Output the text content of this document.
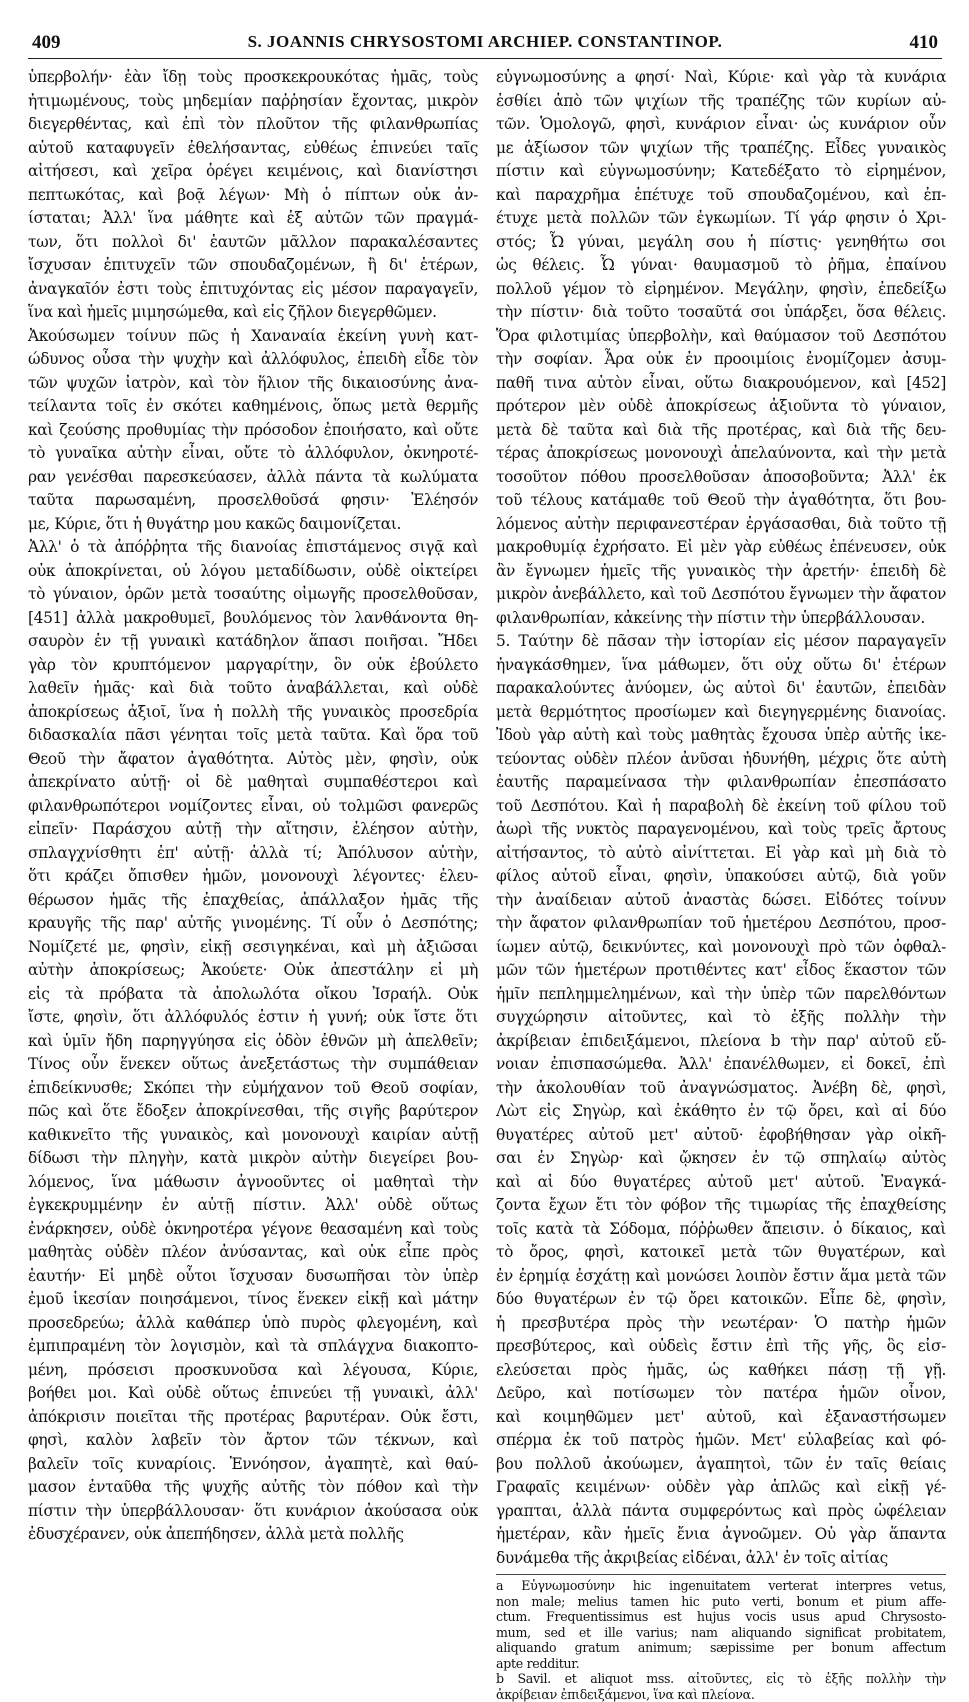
409	S. JOANNIS CHRYSOSTOMI ARCHIEP. CONSTANTINOP.	410
ὑπερβολήν· ἐὰν ἴδῃ τοὺς προσκεκρουκότας ἡμᾶς, τοὺς
ἠτιμωμένους, τοὺς μηδεμίαν παῤῥησίαν ἔχοντας, μικρὸν
διεγερθέντας, καὶ ἐπὶ τὸν πλοῦτον τῆς φιλανθρωπίας
αὐτοῦ καταφυγεῖν ἐθελήσαντας, εὐθέως ἐπινεύει ταῖς
αἰτήσεσι, καὶ χεῖρα ὀρέγει κειμένοις, καὶ διανίστησι
πεπτωκότας, καὶ βοᾷ λέγων· Μὴ ὁ πίπτων οὐκ ἀν-
ίσταται; Ἀλλ' ἵνα μάθητε καὶ ἐξ αὐτῶν τῶν πραγμά-
των, ὅτι πολλοὶ δι' ἑαυτῶν μᾶλλον παρακαλέσαντες
ἴσχυσαν ἐπιτυχεῖν τῶν σπουδαζομένων, ἢ δι' ἑτέρων,
ἀναγκαῖόν ἐστι τοὺς ἐπιτυχόντας εἰς μέσον παραγαγεῖν,
ἵνα καὶ ἡμεῖς μιμησώμεθα, καὶ εἰς ζῆλον διεγερθῶμεν.
Ἀκούσωμεν τοίνυν πῶς ἡ Χαναναία ἐκείνη γυνὴ κατ-
ώδυνος οὖσα τὴν ψυχὴν καὶ ἀλλόφυλος, ἐπειδὴ εἶδε τὸν
τῶν ψυχῶν ἰατρὸν, καὶ τὸν ἥλιον τῆς δικαιοσύνης ἀνα-
τείλαντα τοῖς ἐν σκότει καθημένοις, ὅπως μετὰ θερμῆς
καὶ ζεούσης προθυμίας τὴν πρόσοδον ἐποιήσατο, καὶ οὔτε
τὸ γυναῖκα αὐτὴν εἶναι, οὔτε τὸ ἀλλόφυλον, ὀκνηροτέ-
ραν γενέσθαι παρεσκεύασεν, ἀλλὰ πάντα τὰ κωλύματα
ταῦτα παρωσαμένη, προσελθοῦσά φησιν· Ἐλέησόν
με, Κύριε, ὅτι ἡ θυγάτηρ μου κακῶς δαιμονίζεται.
Ἀλλ' ὁ τὰ ἀπόῤῥητα τῆς διανοίας ἐπιστάμενος σιγᾷ καὶ
οὐκ ἀποκρίνεται, οὐ λόγου μεταδίδωσιν, οὐδὲ οἰκτείρει
τὸ γύναιον, ὁρῶν μετὰ τοσαύτης οἰμωγῆς προσελθοῦσαν,
[451] ἀλλὰ μακροθυμεῖ, βουλόμενος τὸν λανθάνοντα θη-
σαυρὸν ἐν τῇ γυναικὶ κατάδηλον ἅπασι ποιῆσαι. Ἤδει
γὰρ τὸν κρυπτόμενον μαργαρίτην, ὃν οὐκ ἐβούλετο
λαθεῖν ἡμᾶς· καὶ διὰ τοῦτο ἀναβάλλεται, καὶ οὐδὲ
ἀποκρίσεως ἀξιοῖ, ἵνα ἡ πολλὴ τῆς γυναικὸς προσεδρία
διδασκαλία πᾶσι γένηται τοῖς μετὰ ταῦτα. Καὶ ὅρα τοῦ
Θεοῦ τὴν ἄφατον ἀγαθότητα. Αὐτὸς μὲν, φησὶν, οὐκ
ἀπεκρίνατο αὐτῇ· οἱ δὲ μαθηταὶ συμπαθέστεροι καὶ
φιλανθρωπότεροι νομίζοντες εἶναι, οὐ τολμῶσι φανερῶς
εἰπεῖν· Παράσχου αὐτῇ τὴν αἴτησιν, ἐλέησον αὐτὴν,
σπλαγχνίσθητι ἐπ' αὐτῇ· ἀλλὰ τί; Ἀπόλυσον αὐτὴν,
ὅτι κράζει ὄπισθεν ἡμῶν, μονονουχὶ λέγοντες· ἐλευ-
θέρωσον ἡμᾶς τῆς ἐπαχθείας, ἀπάλλαξον ἡμᾶς τῆς
κραυγῆς τῆς παρ' αὐτῆς γινομένης. Τί οὖν ὁ Δεσπότης;
Νομίζετέ με, φησὶν, εἰκῇ σεσιγηκέναι, καὶ μὴ ἀξιῶσαι
αὐτὴν ἀποκρίσεως; Ἀκούετε· Οὐκ ἀπεστάλην εἰ μὴ
εἰς τὰ πρόβατα τὰ ἀπολωλότα οἴκου Ἰσραήλ. Οὐκ
ἴστε, φησὶν, ὅτι ἀλλόφυλός ἐστιν ἡ γυνή; οὐκ ἴστε ὅτι
καὶ ὑμῖν ἤδη παρηγγύησα εἰς ὁδὸν ἐθνῶν μὴ ἀπελθεῖν;
Τίνος οὖν ἕνεκεν οὕτως ἀνεξετάστως τὴν συμπάθειαν
ἐπιδείκνυσθε; Σκόπει τὴν εὐμήχανον τοῦ Θεοῦ σοφίαν,
πῶς καὶ ὅτε ἔδοξεν ἀποκρίνεσθαι, τῆς σιγῆς βαρύτερον
καθικνεῖτο τῆς γυναικὸς, καὶ μονονουχὶ καιρίαν αὐτῇ
δίδωσι τὴν πληγὴν, κατὰ μικρὸν αὐτὴν διεγείρει βου-
λόμενος, ἵνα μάθωσιν ἀγνοοῦντες οἱ μαθηταὶ τὴν
ἐγκεκρυμμένην ἐν αὐτῇ πίστιν. Ἀλλ' οὐδὲ οὕτως
ἐνάρκησεν, οὐδὲ ὀκνηροτέρα γέγονε θεασαμένη καὶ τοὺς
μαθητὰς οὐδὲν πλέον ἀνύσαντας, καὶ οὐκ εἶπε πρὸς
ἑαυτήν· Εἰ μηδὲ οὗτοι ἴσχυσαν δυσωπῆσαι τὸν ὑπὲρ
ἐμοῦ ἱκεσίαν ποιησάμενοι, τίνος ἕνεκεν εἰκῇ καὶ μάτην
προσεδρεύω; ἀλλὰ καθάπερ ὑπὸ πυρὸς φλεγομένη, καὶ
ἐμπιπραμένη τὸν λογισμὸν, καὶ τὰ σπλάγχνα διακοπτο-
μένη, πρόσεισι προσκυνοῦσα καὶ λέγουσα, Κύριε,
βοήθει μοι. Καὶ οὐδὲ οὕτως ἐπινεύει τῇ γυναικὶ, ἀλλ'
ἀπόκρισιν ποιεῖται τῆς προτέρας βαρυτέραν. Οὐκ ἔστι,
φησὶ, καλὸν λαβεῖν τὸν ἄρτον τῶν τέκνων, καὶ
βαλεῖν τοῖς κυναρίοις. Ἐννόησον, ἀγαπητὲ, καὶ θαύ-
μασον ἐνταῦθα τῆς ψυχῆς αὐτῆς τὸν πόθον καὶ τὴν
πίστιν τὴν ὑπερβάλλουσαν· ὅτι κυνάριον ἀκούσασα οὐκ
ἐδυσχέρανεν, οὐκ ἀπεπήδησεν, ἀλλὰ μετὰ πολλῆς
εὐγνωμοσύνης a φησί· Ναὶ, Κύριε· καὶ γὰρ τὰ κυνάρια
ἐσθίει ἀπὸ τῶν ψιχίων τῆς τραπέζης τῶν κυρίων αὐ-
τῶν. Ὁμολογῶ, φησὶ, κυνάριον εἶναι· ὡς κυνάριον οὖν
με ἀξίωσον τῶν ψιχίων τῆς τραπέζης. Εἶδες γυναικὸς
πίστιν καὶ εὐγνωμοσύνην; Κατεδέξατο τὸ εἰρημένον,
καὶ παραχρῆμα ἐπέτυχε τοῦ σπουδαζομένου, καὶ ἐπ-
έτυχε μετὰ πολλῶν τῶν ἐγκωμίων. Τί γάρ φησιν ὁ Χρι-
στός; Ὦ γύναι, μεγάλη σου ἡ πίστις· γενηθήτω σοι
ὡς θέλεις. Ὦ γύναι· θαυμασμοῦ τὸ ῥῆμα, ἐπαίνου
πολλοῦ γέμον τὸ εἰρημένον. Μεγάλην, φησὶν, ἐπεδείξω
τὴν πίστιν· διὰ τοῦτο τοσαῦτά σοι ὑπάρξει, ὅσα θέλεις.
Ὅρα φιλοτιμίας ὑπερβολὴν, καὶ θαύμασον τοῦ Δεσπότου
τὴν σοφίαν. Ἆρα οὐκ ἐν προοιμίοις ἐνομίζομεν ἀσυμ-
παθῆ τινα αὐτὸν εἶναι, οὕτω διακρουόμενον, καὶ [452]
πρότερον μὲν οὐδὲ ἀποκρίσεως ἀξιοῦντα τὸ γύναιον,
μετὰ δὲ ταῦτα καὶ διὰ τῆς προτέρας, καὶ διὰ τῆς δευ-
τέρας ἀποκρίσεως μονονουχὶ ἀπελαύνοντα, καὶ τὴν μετὰ
τοσοῦτον πόθου προσελθοῦσαν ἀποσοβοῦντα; Ἀλλ' ἐκ
τοῦ τέλους κατάμαθε τοῦ Θεοῦ τὴν ἀγαθότητα, ὅτι βου-
λόμενος αὐτὴν περιφανεστέραν ἐργάσασθαι, διὰ τοῦτο τῇ
μακροθυμίᾳ ἐχρήσατο. Εἰ μὲν γὰρ εὐθέως ἐπένευσεν, οὐκ
ἂν ἔγνωμεν ἡμεῖς τῆς γυναικὸς τὴν ἀρετήν· ἐπειδὴ δὲ
μικρὸν ἀνεβάλλετο, καὶ τοῦ Δεσπότου ἔγνωμεν τὴν ἄφατον
φιλανθρωπίαν, κἀκείνης τὴν πίστιν τὴν ὑπερβάλλουσαν.
5. Ταύτην δὲ πᾶσαν τὴν ἱστορίαν εἰς μέσον παραγαγεῖν
ἠναγκάσθημεν, ἵνα μάθωμεν, ὅτι οὐχ οὕτω δι' ἑτέρων
παρακαλούντες ἀνύομεν, ὡς αὐτοὶ δι' ἑαυτῶν, ἐπειδὰν
μετὰ θερμότητος προσίωμεν καὶ διεγηγερμένης διανοίας.
Ἰδοὺ γὰρ αὐτὴ καὶ τοὺς μαθητὰς ἔχουσα ὑπὲρ αὐτῆς ἱκε-
τεύοντας οὐδὲν πλέον ἀνῦσαι ἠδυνήθη, μέχρις ὅτε αὐτὴ
ἑαυτῆς παραμείνασα τὴν φιλανθρωπίαν ἐπεσπάσατο
τοῦ Δεσπότου. Καὶ ἡ παραβολὴ δὲ ἐκείνη τοῦ φίλου τοῦ
ἀωρὶ τῆς νυκτὸς παραγενομένου, καὶ τοὺς τρεῖς ἄρτους
αἰτήσαντος, τὸ αὐτὸ αἰνίττεται. Εἰ γὰρ καὶ μὴ διὰ τὸ
φίλος αὐτοῦ εἶναι, φησὶν, ὑπακούσει αὐτῷ, διὰ γοῦν
τὴν ἀναίδειαν αὐτοῦ ἀναστὰς δώσει. Εἰδότες τοίνυν
τὴν ἄφατον φιλανθρωπίαν τοῦ ἡμετέρου Δεσπότου, προσ-
ίωμεν αὐτῷ, δεικνύντες, καὶ μονονουχὶ πρὸ τῶν ὀφθαλ-
μῶν τῶν ἡμετέρων προτιθέντες κατ' εἶδος ἕκαστον τῶν
ἡμῖν πεπλημμελημένων, καὶ τὴν ὑπὲρ τῶν παρελθόντων
συγχώρησιν αἰτοῦντες, καὶ τὸ ἐξῆς πολλὴν τὴν
ἀκρίβειαν ἐπιδειξάμενοι, πλείονα b τὴν παρ' αὐτοῦ εὔ-
νοιαν ἐπισπασώμεθα. Ἀλλ' ἐπανέλθωμεν, εἰ δοκεῖ, ἐπὶ
τὴν ἀκολουθίαν τοῦ ἀναγνώσματος. Ἀνέβη δὲ, φησὶ,
Λὼτ εἰς Σηγὼρ, καὶ ἐκάθητο ἐν τῷ ὄρει, καὶ αἱ δύο
θυγατέρες αὐτοῦ μετ' αὐτοῦ· ἐφοβήθησαν γὰρ οἰκῆ-
σαι ἐν Σηγὼρ· καὶ ᾤκησεν ἐν τῷ σπηλαίῳ αὐτὸς
καὶ αἱ δύο θυγατέρες αὐτοῦ μετ' αὐτοῦ. Ἐναγκά-
ζοντα ἔχων ἔτι τὸν φόβον τῆς τιμωρίας τῆς ἐπαχθείσης
τοῖς κατὰ τὰ Σόδομα, πόῤῥωθεν ἄπεισιν. ὁ δίκαιος, καὶ
τὸ ὄρος, φησὶ, κατοικεῖ μετὰ τῶν θυγατέρων, καὶ
ἐν ἐρημίᾳ ἐσχάτῃ καὶ μονώσει λοιπὸν ἔστιν ἅμα μετὰ τῶν
δύο θυγατέρων ἐν τῷ ὄρει κατοικῶν. Εἶπε δὲ, φησὶν,
ἡ πρεσβυτέρα πρὸς τὴν νεωτέραν· Ὁ πατὴρ ἡμῶν
πρεσβύτερος, καὶ οὐδεὶς ἔστιν ἐπὶ τῆς γῆς, ὃς εἰσ-
ελεύσεται πρὸς ἡμᾶς, ὡς καθήκει πάσῃ τῇ γῇ.
Δεῦρο, καὶ ποτίσωμεν τὸν πατέρα ἡμῶν οἶνον,
καὶ κοιμηθῶμεν μετ' αὐτοῦ, καὶ ἐξαναστήσωμεν
σπέρμα ἐκ τοῦ πατρὸς ἡμῶν. Μετ' εὐλαβείας καὶ φό-
βου πολλοῦ ἀκούωμεν, ἀγαπητοὶ, τῶν ἐν ταῖς θείαις
Γραφαῖς κειμένων· οὐδὲν γὰρ ἁπλῶς καὶ εἰκῇ γέ-
γραπται, ἀλλὰ πάντα συμφερόντως καὶ πρὸς ὠφέλειαν
ἡμετέραν, κἂν ἡμεῖς ἔνια ἀγνοῶμεν. Οὐ γὰρ ἅπαντα
δυνάμεθα τῆς ἀκριβείας εἰδέναι, ἀλλ' ἐν τοῖς αἰτίας
a Εὐγνωμοσύνην hic ingenuitatem verterat interpres vetus,
non male; melius tamen hic puto verti, bonum et pium affe-
ctum. Frequentissimus est hujus vocis usus apud Chrysosto-
mum, sed et ille varius; nam aliquando significat probitatem,
aliquando gratum animum; sæpissime per bonum affectum
apte redditur.
b Savil. et aliquot mss. αἰτοῦντες, εἰς τὸ ἐξῆς πολλὴν τὴν
ἀκρίβειαν ἐπιδειξάμενοι, ἵνα καὶ πλείονα.
